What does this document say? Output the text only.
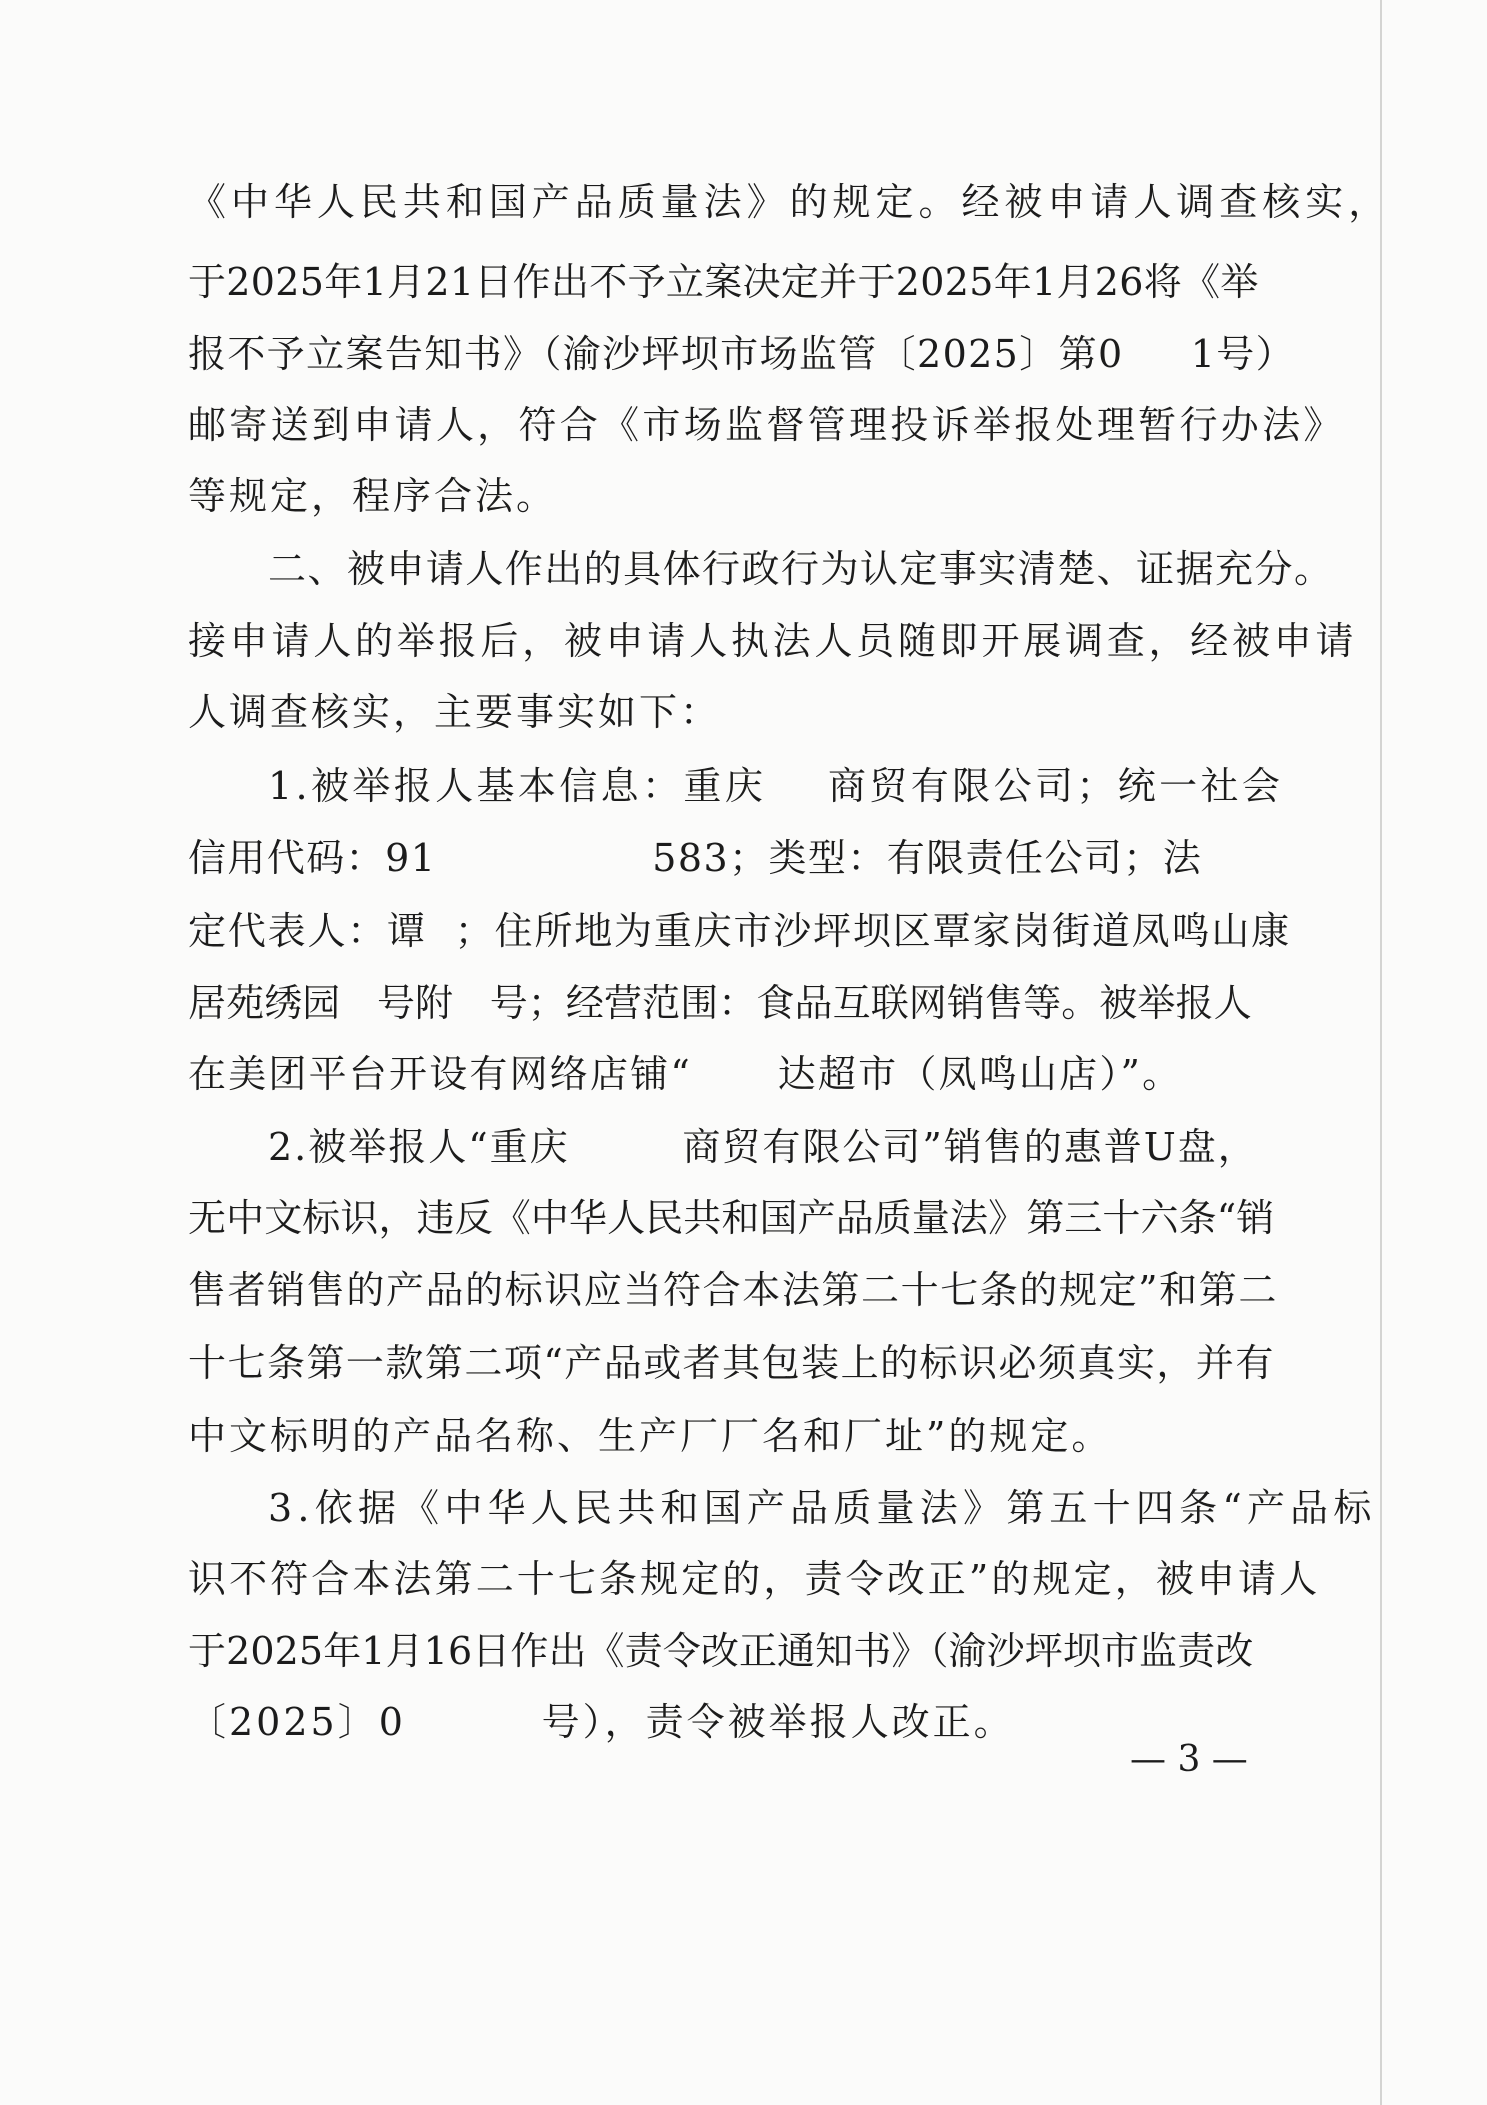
《中华人民共和国产品质量法》的规定。经被申请人调查核实，
于2025年1月21日作出不予立案决定并于2025年1月26将《举
报不予立案告知书》（渝沙坪坝市场监管〔2025〕第0 1号）
邮寄送到申请人，符合《市场监督管理投诉举报处理暂行办法》
等规定，程序合法。
二、被申请人作出的具体行政行为认定事实清楚、证据充分。
接申请人的举报后，被申请人执法人员随即开展调查，经被申请
人调查核实，主要事实如下：
1.被举报人基本信息：重庆 商贸有限公司；统一社会
信用代码：91	583；类型：有限责任公司；法
定代表人：谭 ；住所地为重庆市沙坪坝区覃家岗街道凤鸣山康
居苑绣园 号附 号；经营范围：食品互联网销售等。被举报人
在美团平台开设有网络店铺“ 达超市（凤鸣山店）”。
2.被举报人“重庆	商贸有限公司”销售的惠普U盘，
无中文标识，违反《中华人民共和国产品质量法》第三十六条“销
售者销售的产品的标识应当符合本法第二十七条的规定”和第二
十七条第一款第二项“产品或者其包装上的标识必须真实，并有
中文标明的产品名称、生产厂厂名和厂址”的规定。
3.依据《中华人民共和国产品质量法》第五十四条“产品标
识不符合本法第二十七条规定的，责令改正”的规定，被申请人
于2025年1月16日作出《责令改正通知书》（渝沙坪坝市监责改
〔2025〕0	号），责令被举报人改正。
— 3 —
